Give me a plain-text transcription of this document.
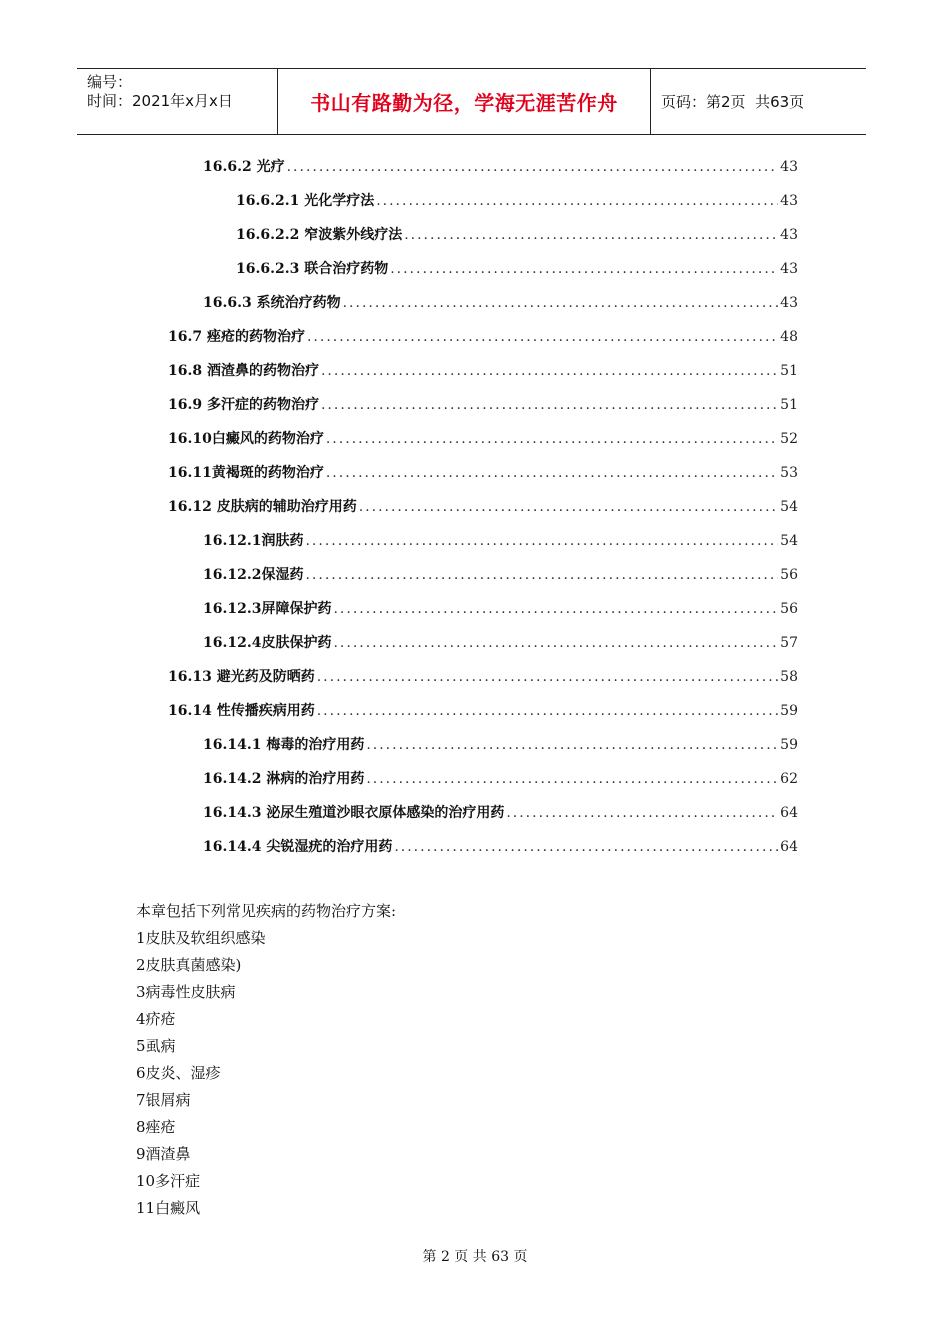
编号：
时间：2021年x月x日	书山有路勤为径，学海无涯苦作舟	页码：第2页  共63页
16.6.2 光疗 .....	43
16.6.2.1 光化学疗法 .....	43
16.6.2.2 窄波紫外线疗法 .....	43
16.6.2.3 联合治疗药物 .....	43
16.6.3 系统治疗药物 .....	43
16.7 痤疮的药物治疗 .....	48
16.8 酒渣鼻的药物治疗 .....	51
16.9 多汗症的药物治疗 .....	51
16.10白癜风的药物治疗 .....	52
16.11黄褐斑的药物治疗 .....	53
16.12 皮肤病的辅助治疗用药 .....	54
16.12.1润肤药 .....	54
16.12.2保湿药 .....	56
16.12.3屏障保护药 .....	56
16.12.4皮肤保护药 .....	57
16.13 避光药及防晒药 .....	58
16.14 性传播疾病用药 .....	59
16.14.1 梅毒的治疗用药 .....	59
16.14.2 淋病的治疗用药 .....	62
16.14.3 泌尿生殖道沙眼衣原体感染的治疗用药 .....	64
16.14.4 尖锐湿疣的治疗用药 .....	64
本章包括下列常见疾病的药物治疗方案:
1皮肤及软组织感染
2皮肤真菌感染)
3病毒性皮肤病
4疥疮
5虱病
6皮炎、湿疹
7银屑病
8痤疮
9酒渣鼻
10多汗症
11白癜风
第 2 页 共 63 页
